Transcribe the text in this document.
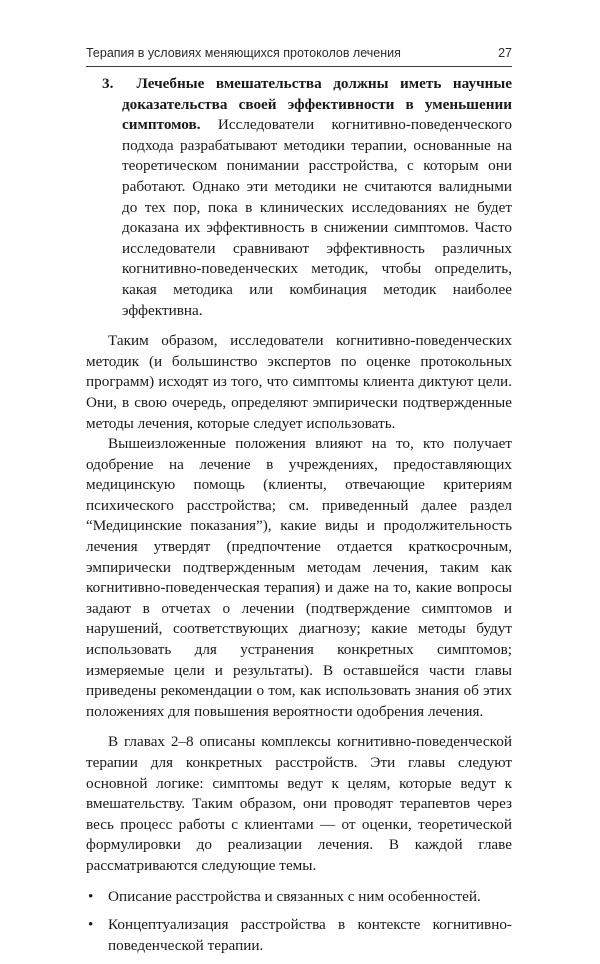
Терапия в условиях меняющихся протоколов лечения	27

3. Лечебные вмешательства должны иметь научные доказательства своей эффективности в уменьшении симптомов. Исследователи когнитивно-поведенческого подхода разрабатывают методики терапии, основанные на теоретическом понимании расстройства, с которым они работают. Однако эти методики не считаются валидными до тех пор, пока в клинических исследованиях не будет доказана их эффективность в снижении симптомов. Часто исследователи сравнивают эффективность различных когнитивно-поведенческих методик, чтобы определить, какая методика или комбинация методик наиболее эффективна.

Таким образом, исследователи когнитивно-поведенческих методик (и большинство экспертов по оценке протокольных программ) исходят из того, что симптомы клиента диктуют цели. Они, в свою очередь, определяют эмпирически подтвержденные методы лечения, которые следует использовать.

Вышеизложенные положения влияют на то, кто получает одобрение на лечение в учреждениях, предоставляющих медицинскую помощь (клиенты, отвечающие критериям психического расстройства; см. приведенный далее раздел “Медицинские показания”), какие виды и продолжительность лечения утвердят (предпочтение отдается краткосрочным, эмпирически подтвержденным методам лечения, таким как когнитивно-поведенческая терапия) и даже на то, какие вопросы задают в отчетах о лечении (подтверждение симптомов и нарушений, соответствующих диагнозу; какие методы будут использовать для устранения конкретных симптомов; измеряемые цели и результаты). В оставшейся части главы приведены рекомендации о том, как использовать знания об этих положениях для повышения вероятности одобрения лечения.

В главах 2–8 описаны комплексы когнитивно-поведенческой терапии для конкретных расстройств. Эти главы следуют основной логике: симптомы ведут к целям, которые ведут к вмешательству. Таким образом, они проводят терапевтов через весь процесс работы с клиентами — от оценки, теоретической формулировки до реализации лечения. В каждой главе рассматриваются следующие темы.

• Описание расстройства и связанных с ним особенностей.
• Концептуализация расстройства в контексте когнитивно-поведенческой терапии.
